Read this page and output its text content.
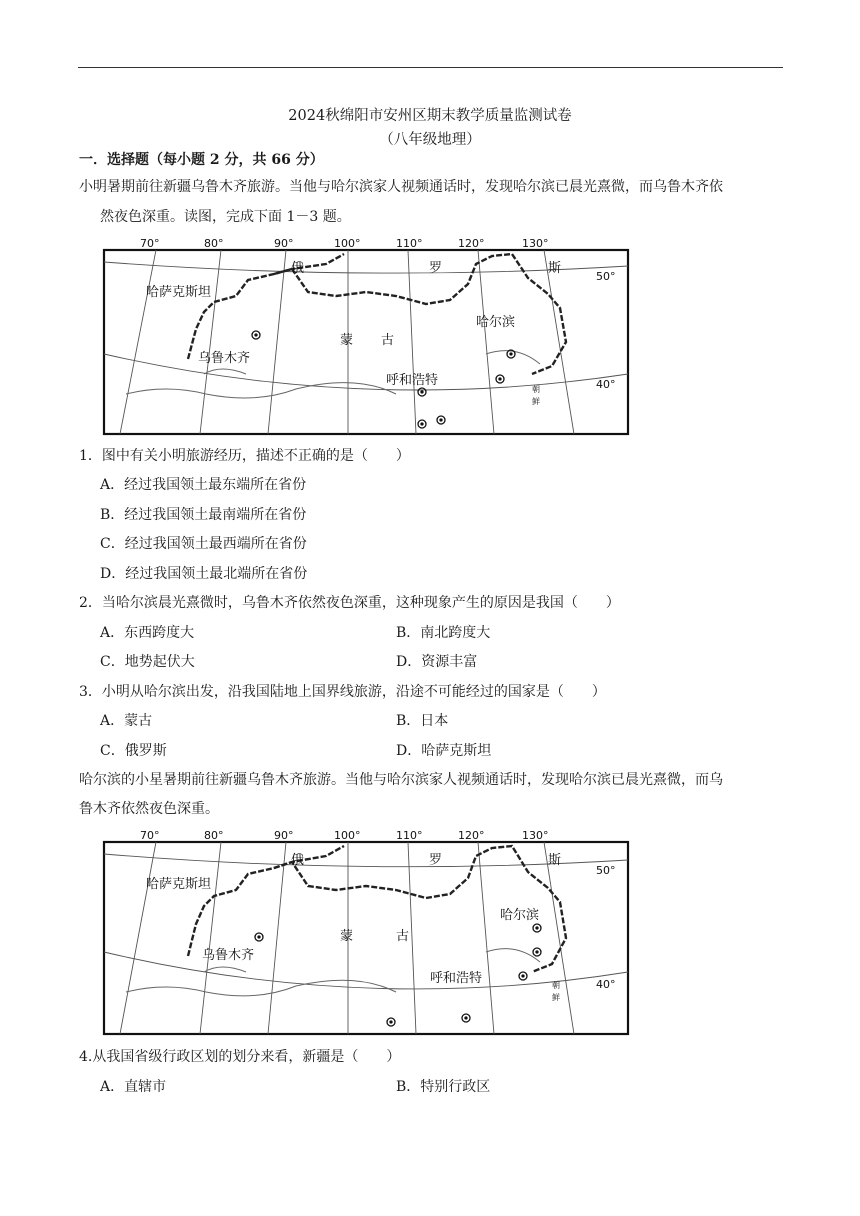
2024秋绵阳市安州区期末教学质量监测试卷
（八年级地理）
一．选择题（每小题 2 分，共 66 分）
小明暑期前往新疆乌鲁木齐旅游。当他与哈尔滨家人视频通话时，发现哈尔滨已晨光熹微，而乌鲁木齐依
然夜色深重。读图，完成下面 1－3 题。
70°	80°	90°	100°	110°	120°	130°
50°
40°
哈萨克斯坦
俄	罗	斯
蒙 古
哈尔滨
乌鲁木齐
呼和浩特
朝
鲜
1．图中有关小明旅游经历，描述不正确的是（　　）
A．经过我国领土最东端所在省份
B．经过我国领土最南端所在省份
C．经过我国领土最西端所在省份
D．经过我国领土最北端所在省份
2．当哈尔滨晨光熹微时，乌鲁木齐依然夜色深重，这种现象产生的原因是我国（　　）
A．东西跨度大	B．南北跨度大
C．地势起伏大	D．资源丰富
3．小明从哈尔滨出发，沿我国陆地上国界线旅游，沿途不可能经过的国家是（　　）
A．蒙古	B．日本
C．俄罗斯	D．哈萨克斯坦
哈尔滨的小星暑期前往新疆乌鲁木齐旅游。当他与哈尔滨家人视频通话时，发现哈尔滨已晨光熹微，而乌
鲁木齐依然夜色深重。
70°	80°	90°	100°	110°	120°	130°
50°
40°
哈萨克斯坦
俄	罗	斯
蒙	古
哈尔滨
乌鲁木齐
呼和浩特	朝
鲜
4.从我国省级行政区划的划分来看，新疆是（　　）
A．直辖市	B．特别行政区
